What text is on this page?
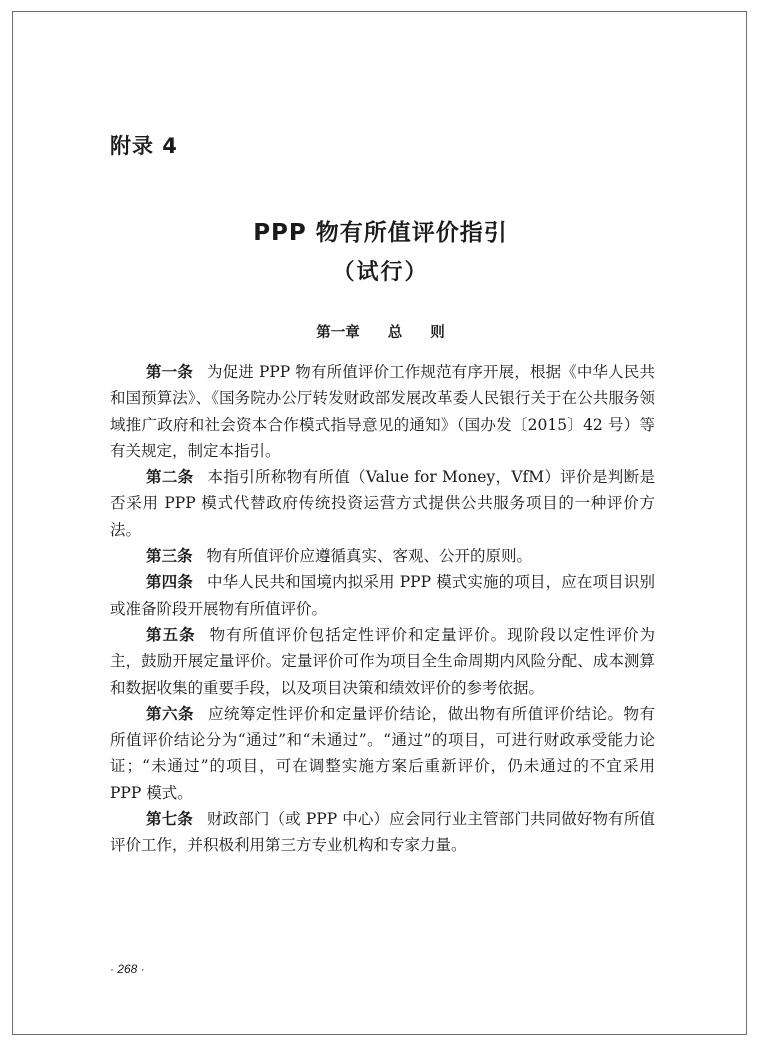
附录 4
PPP 物有所值评价指引
（试行）
第一章 总 则

第一条 为促进 PPP 物有所值评价工作规范有序开展，根据《中华人民共和国预算法》、《国务院办公厅转发财政部发展改革委人民银行关于在公共服务领域推广政府和社会资本合作模式指导意见的通知》（国办发〔2015〕42 号）等有关规定，制定本指引。

第二条 本指引所称物有所值（Value for Money，VfM）评价是判断是否采用 PPP 模式代替政府传统投资运营方式提供公共服务项目的一种评价方法。

第三条 物有所值评价应遵循真实、客观、公开的原则。

第四条 中华人民共和国境内拟采用 PPP 模式实施的项目，应在项目识别或准备阶段开展物有所值评价。

第五条 物有所值评价包括定性评价和定量评价。现阶段以定性评价为主，鼓励开展定量评价。定量评价可作为项目全生命周期内风险分配、成本测算和数据收集的重要手段，以及项目决策和绩效评价的参考依据。

第六条 应统筹定性评价和定量评价结论，做出物有所值评价结论。物有所值评价结论分为“通过”和“未通过”。“通过”的项目，可进行财政承受能力论证；“未通过”的项目，可在调整实施方案后重新评价，仍未通过的不宜采用 PPP 模式。

第七条 财政部门（或 PPP 中心）应会同行业主管部门共同做好物有所值评价工作，并积极利用第三方专业机构和专家力量。

· 268 ·
